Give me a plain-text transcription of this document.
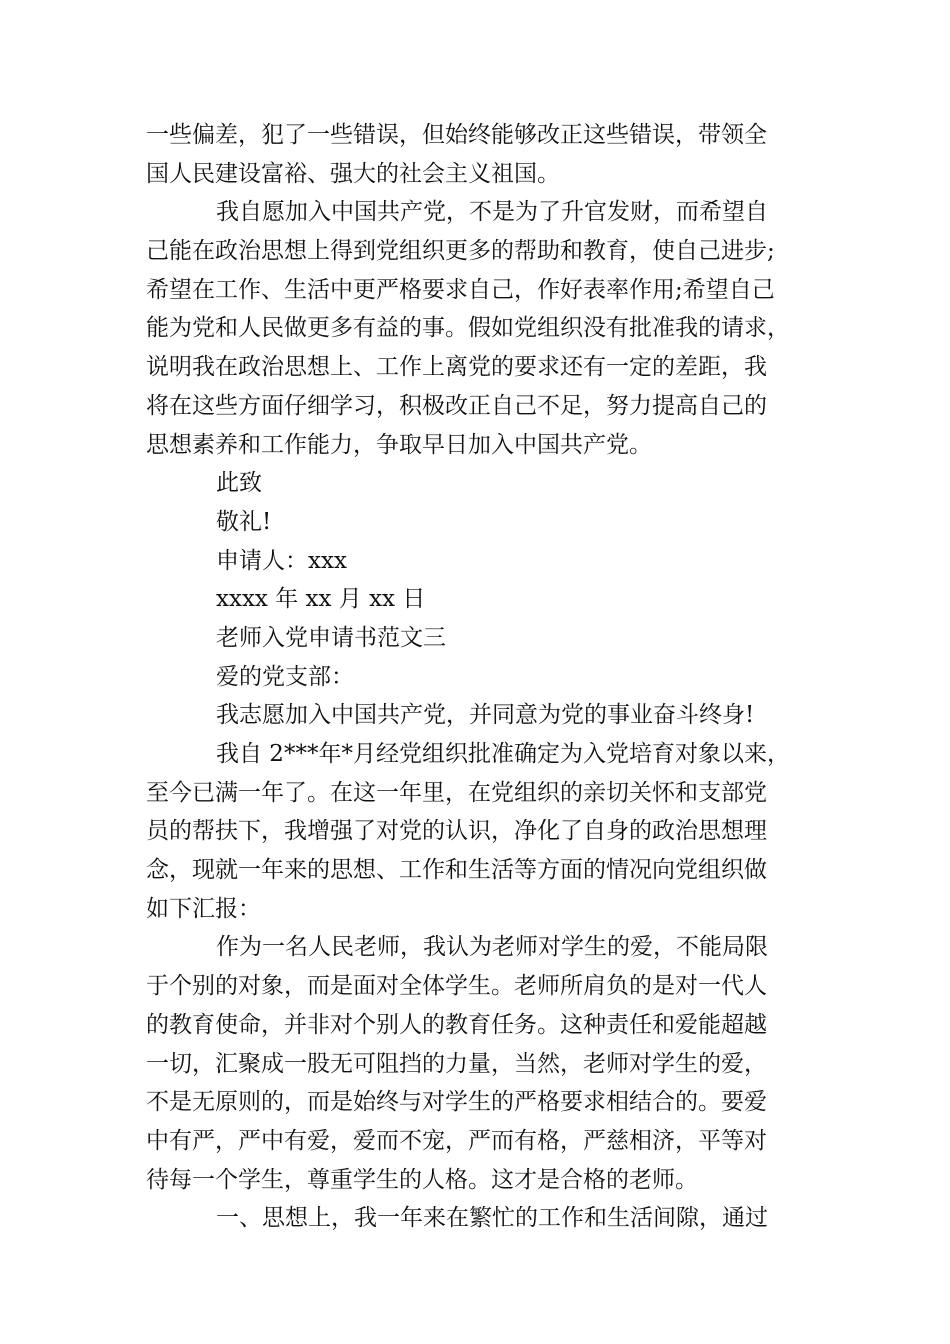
一些偏差，犯了一些错误，但始终能够改正这些错误，带领全
国人民建设富裕、强大的社会主义祖国。
我自愿加入中国共产党，不是为了升官发财，而希望自
己能在政治思想上得到党组织更多的帮助和教育，使自己进步;
希望在工作、生活中更严格要求自己，作好表率作用;希望自己
能为党和人民做更多有益的事。假如党组织没有批准我的请求，
说明我在政治思想上、工作上离党的要求还有一定的差距，我
将在这些方面仔细学习，积极改正自己不足，努力提高自己的
思想素养和工作能力，争取早日加入中国共产党。
此致
敬礼!
申请人：xxx
xxxx 年 xx 月 xx 日
老师入党申请书范文三
爱的党支部：
我志愿加入中国共产党，并同意为党的事业奋斗终身!
我自 2***年*月经党组织批准确定为入党培育对象以来，
至今已满一年了。在这一年里，在党组织的亲切关怀和支部党
员的帮扶下，我增强了对党的认识，净化了自身的政治思想理
念，现就一年来的思想、工作和生活等方面的情况向党组织做
如下汇报：
作为一名人民老师，我认为老师对学生的爱，不能局限
于个别的对象，而是面对全体学生。老师所肩负的是对一代人
的教育使命，并非对个别人的教育任务。这种责任和爱能超越
一切，汇聚成一股无可阻挡的力量，当然，老师对学生的爱，
不是无原则的，而是始终与对学生的严格要求相结合的。要爱
中有严，严中有爱，爱而不宠，严而有格，严慈相济，平等对
待每一个学生，尊重学生的人格。这才是合格的老师。
一、思想上，我一年来在繁忙的工作和生活间隙，通过
